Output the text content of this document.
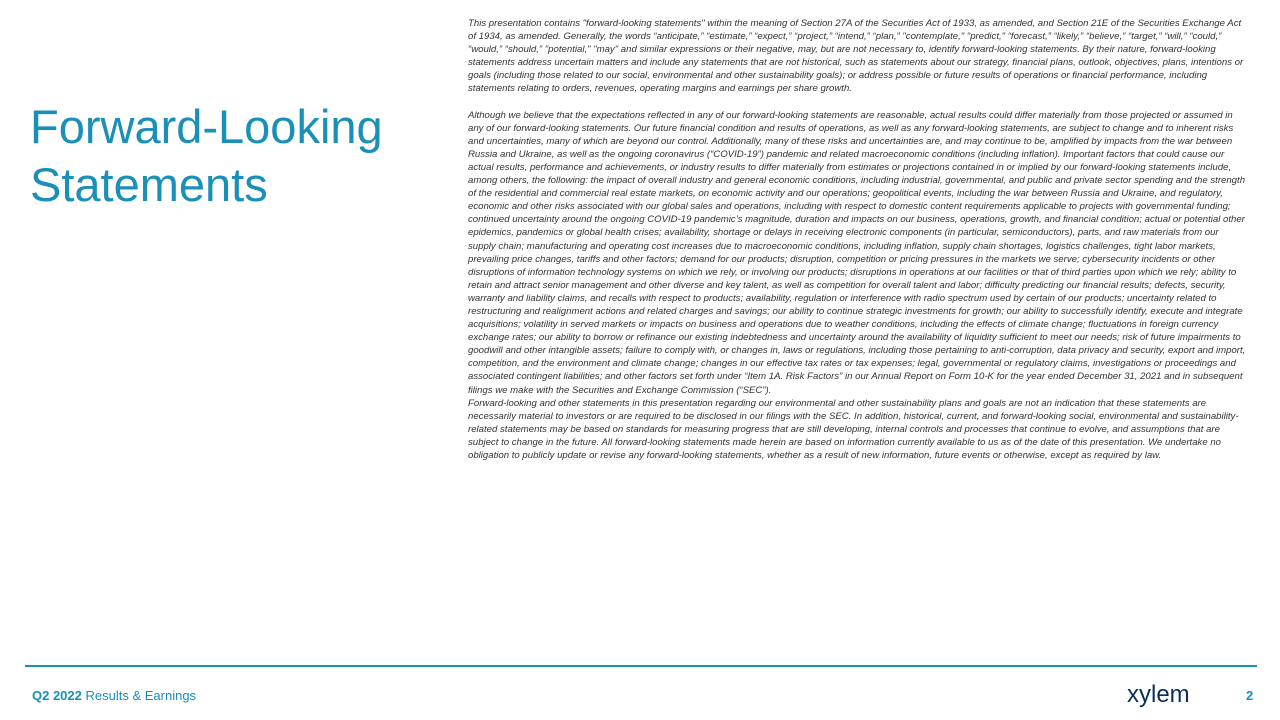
Forward-Looking
Statements

This presentation contains "forward-looking statements" within the meaning of Section 27A of the Securities Act of 1933, as amended, and Section 21E of the Securities Exchange Act of 1934, as amended. Generally, the words “anticipate,” “estimate,” “expect,” “project,” “intend,” “plan,” "contemplate," "predict," “forecast,” “likely,” “believe,” “target,” “will,” “could,” “would,” “should,” "potential," "may" and similar expressions or their negative, may, but are not necessary to, identify forward-looking statements. By their nature, forward-looking statements address uncertain matters and include any statements that are not historical, such as statements about our strategy, financial plans, outlook, objectives, plans, intentions or goals (including those related to our social, environmental and other sustainability goals); or address possible or future results of operations or financial performance, including statements relating to orders, revenues, operating margins and earnings per share growth.

Although we believe that the expectations reflected in any of our forward-looking statements are reasonable, actual results could differ materially from those projected or assumed in any of our forward-looking statements. Our future financial condition and results of operations, as well as any forward-looking statements, are subject to change and to inherent risks and uncertainties, many of which are beyond our control. Additionally, many of these risks and uncertainties are, and may continue to be, amplified by impacts from the war between Russia and Ukraine, as well as the ongoing coronavirus (“COVID-19”) pandemic and related macroeconomic conditions (including inflation). Important factors that could cause our actual results, performance and achievements, or industry results to differ materially from estimates or projections contained in or implied by our forward-looking statements include, among others, the following: the impact of overall industry and general economic conditions, including industrial, governmental, and public and private sector spending and the strength of the residential and commercial real estate markets, on economic activity and our operations; geopolitical events, including the war between Russia and Ukraine, and regulatory, economic and other risks associated with our global sales and operations, including with respect to domestic content requirements applicable to projects with governmental funding; continued uncertainty around the ongoing COVID-19 pandemic’s magnitude, duration and impacts on our business, operations, growth, and financial condition; actual or potential other epidemics, pandemics or global health crises; availability, shortage or delays in receiving electronic components (in particular, semiconductors), parts, and raw materials from our supply chain; manufacturing and operating cost increases due to macroeconomic conditions, including inflation, supply chain shortages, logistics challenges, tight labor markets, prevailing price changes, tariffs and other factors; demand for our products; disruption, competition or pricing pressures in the markets we serve; cybersecurity incidents or other disruptions of information technology systems on which we rely, or involving our products; disruptions in operations at our facilities or that of third parties upon which we rely; ability to retain and attract senior management and other diverse and key talent, as well as competition for overall talent and labor; difficulty predicting our financial results; defects, security, warranty and liability claims, and recalls with respect to products; availability, regulation or interference with radio spectrum used by certain of our products; uncertainty related to restructuring and realignment actions and related charges and savings; our ability to continue strategic investments for growth; our ability to successfully identify, execute and integrate acquisitions; volatility in served markets or impacts on business and operations due to weather conditions, including the effects of climate change; fluctuations in foreign currency exchange rates; our ability to borrow or refinance our existing indebtedness and uncertainty around the availability of liquidity sufficient to meet our needs; risk of future impairments to goodwill and other intangible assets; failure to comply with, or changes in, laws or regulations, including those pertaining to anti-corruption, data privacy and security, export and import, competition, and the environment and climate change; changes in our effective tax rates or tax expenses; legal, governmental or regulatory claims, investigations or proceedings and associated contingent liabilities; and other factors set forth under “Item 1A. Risk Factors” in our Annual Report on Form 10-K for the year ended December 31, 2021 and in subsequent filings we make with the Securities and Exchange Commission (“SEC”).

Forward-looking and other statements in this presentation regarding our environmental and other sustainability plans and goals are not an indication that these statements are necessarily material to investors or are required to be disclosed in our filings with the SEC. In addition, historical, current, and forward-looking social, environmental and sustainability- related statements may be based on standards for measuring progress that are still developing, internal controls and processes that continue to evolve, and assumptions that are subject to change in the future. All forward-looking statements made herein are based on information currently available to us as of the date of this presentation. We undertake no obligation to publicly update or revise any forward-looking statements, whether as a result of new information, future events or otherwise, except as required by law.

Q2 2022 Results & Earnings	xylem	2
